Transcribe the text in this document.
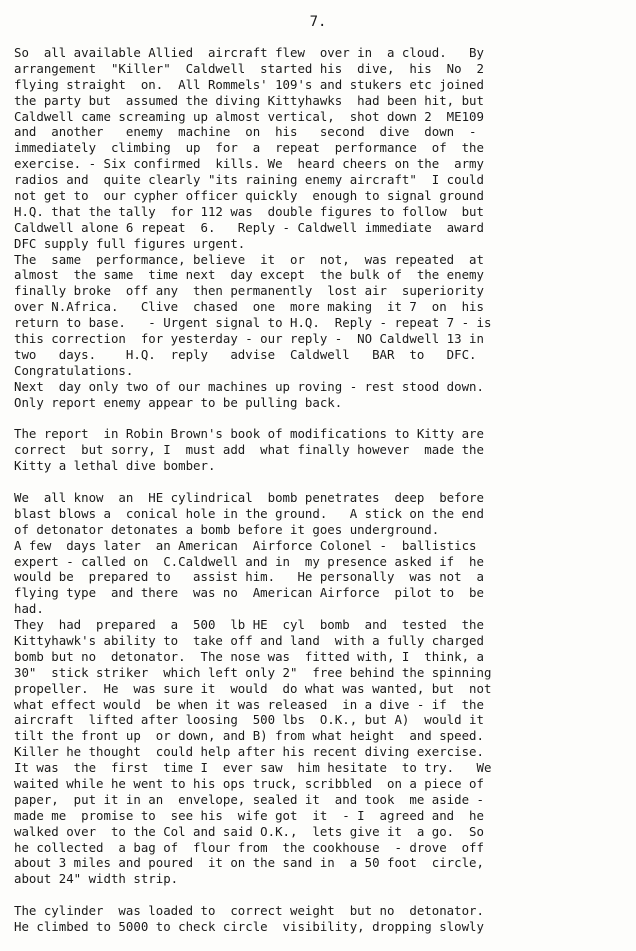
7.
So  all available Allied  aircraft flew  over in  a cloud.   By
arrangement  "Killer"  Caldwell  started his  dive,  his  No  2
flying straight  on.  All Rommels' 109's and stukers etc joined
the party but  assumed the diving Kittyhawks  had been hit, but
Caldwell came screaming up almost vertical,  shot down 2  ME109
and  another   enemy  machine  on  his   second  dive  down  -
immediately  climbing  up  for  a  repeat  performance  of  the
exercise. - Six confirmed  kills. We  heard cheers on the  army
radios and  quite clearly "its raining enemy aircraft"  I could
not get to  our cypher officer quickly  enough to signal ground
H.Q. that the tally  for 112 was  double figures to follow  but
Caldwell alone 6 repeat  6.   Reply - Caldwell immediate  award
DFC supply full figures urgent.
The  same  performance, believe  it  or  not,  was repeated  at
almost  the same  time next  day except  the bulk of  the enemy
finally broke  off any  then permanently  lost air  superiority
over N.Africa.   Clive  chased  one  more making  it 7  on  his
return to base.   - Urgent signal to H.Q.  Reply - repeat 7 - is
this correction  for yesterday - our reply -  NO Caldwell 13 in
two   days.    H.Q.  reply   advise  Caldwell   BAR  to   DFC.
Congratulations.
Next  day only two of our machines up roving - rest stood down.
Only report enemy appear to be pulling back.
The report  in Robin Brown's book of modifications to Kitty are
correct  but sorry, I  must add  what finally however  made the
Kitty a lethal dive bomber.
We  all know  an  HE cylindrical  bomb penetrates  deep  before
blast blows a  conical hole in the ground.   A stick on the end
of detonator detonates a bomb before it goes underground.
A few  days later  an American  Airforce Colonel -  ballistics
expert - called on  C.Caldwell and in  my presence asked if  he
would be  prepared to   assist him.   He personally  was not  a
flying type  and there  was no  American Airforce  pilot to  be
had.
They  had  prepared  a  500  lb HE  cyl  bomb  and  tested  the
Kittyhawk's ability to  take off and land  with a fully charged
bomb but no  detonator.  The nose was  fitted with, I  think, a
30"  stick striker  which left only 2"  free behind the spinning
propeller.  He  was sure it  would  do what was wanted, but  not
what effect would  be when it was released  in a dive - if  the
aircraft  lifted after loosing  500 lbs  O.K., but A)  would it
tilt the front up  or down, and B) from what height  and speed.
Killer he thought  could help after his recent diving exercise.
It was  the  first  time I  ever saw  him hesitate  to try.   We
waited while he went to his ops truck, scribbled  on a piece of
paper,  put it in an  envelope, sealed it  and took  me aside -
made me  promise to  see his  wife got  it  - I  agreed and  he
walked over  to the Col and said O.K.,  lets give it  a go.  So
he collected  a bag of  flour from  the cookhouse  - drove  off
about 3 miles and poured  it on the sand in  a 50 foot  circle,
about 24" width strip.
The cylinder  was loaded to  correct weight  but no  detonator.
He climbed to 5000 to check circle  visibility, dropping slowly
